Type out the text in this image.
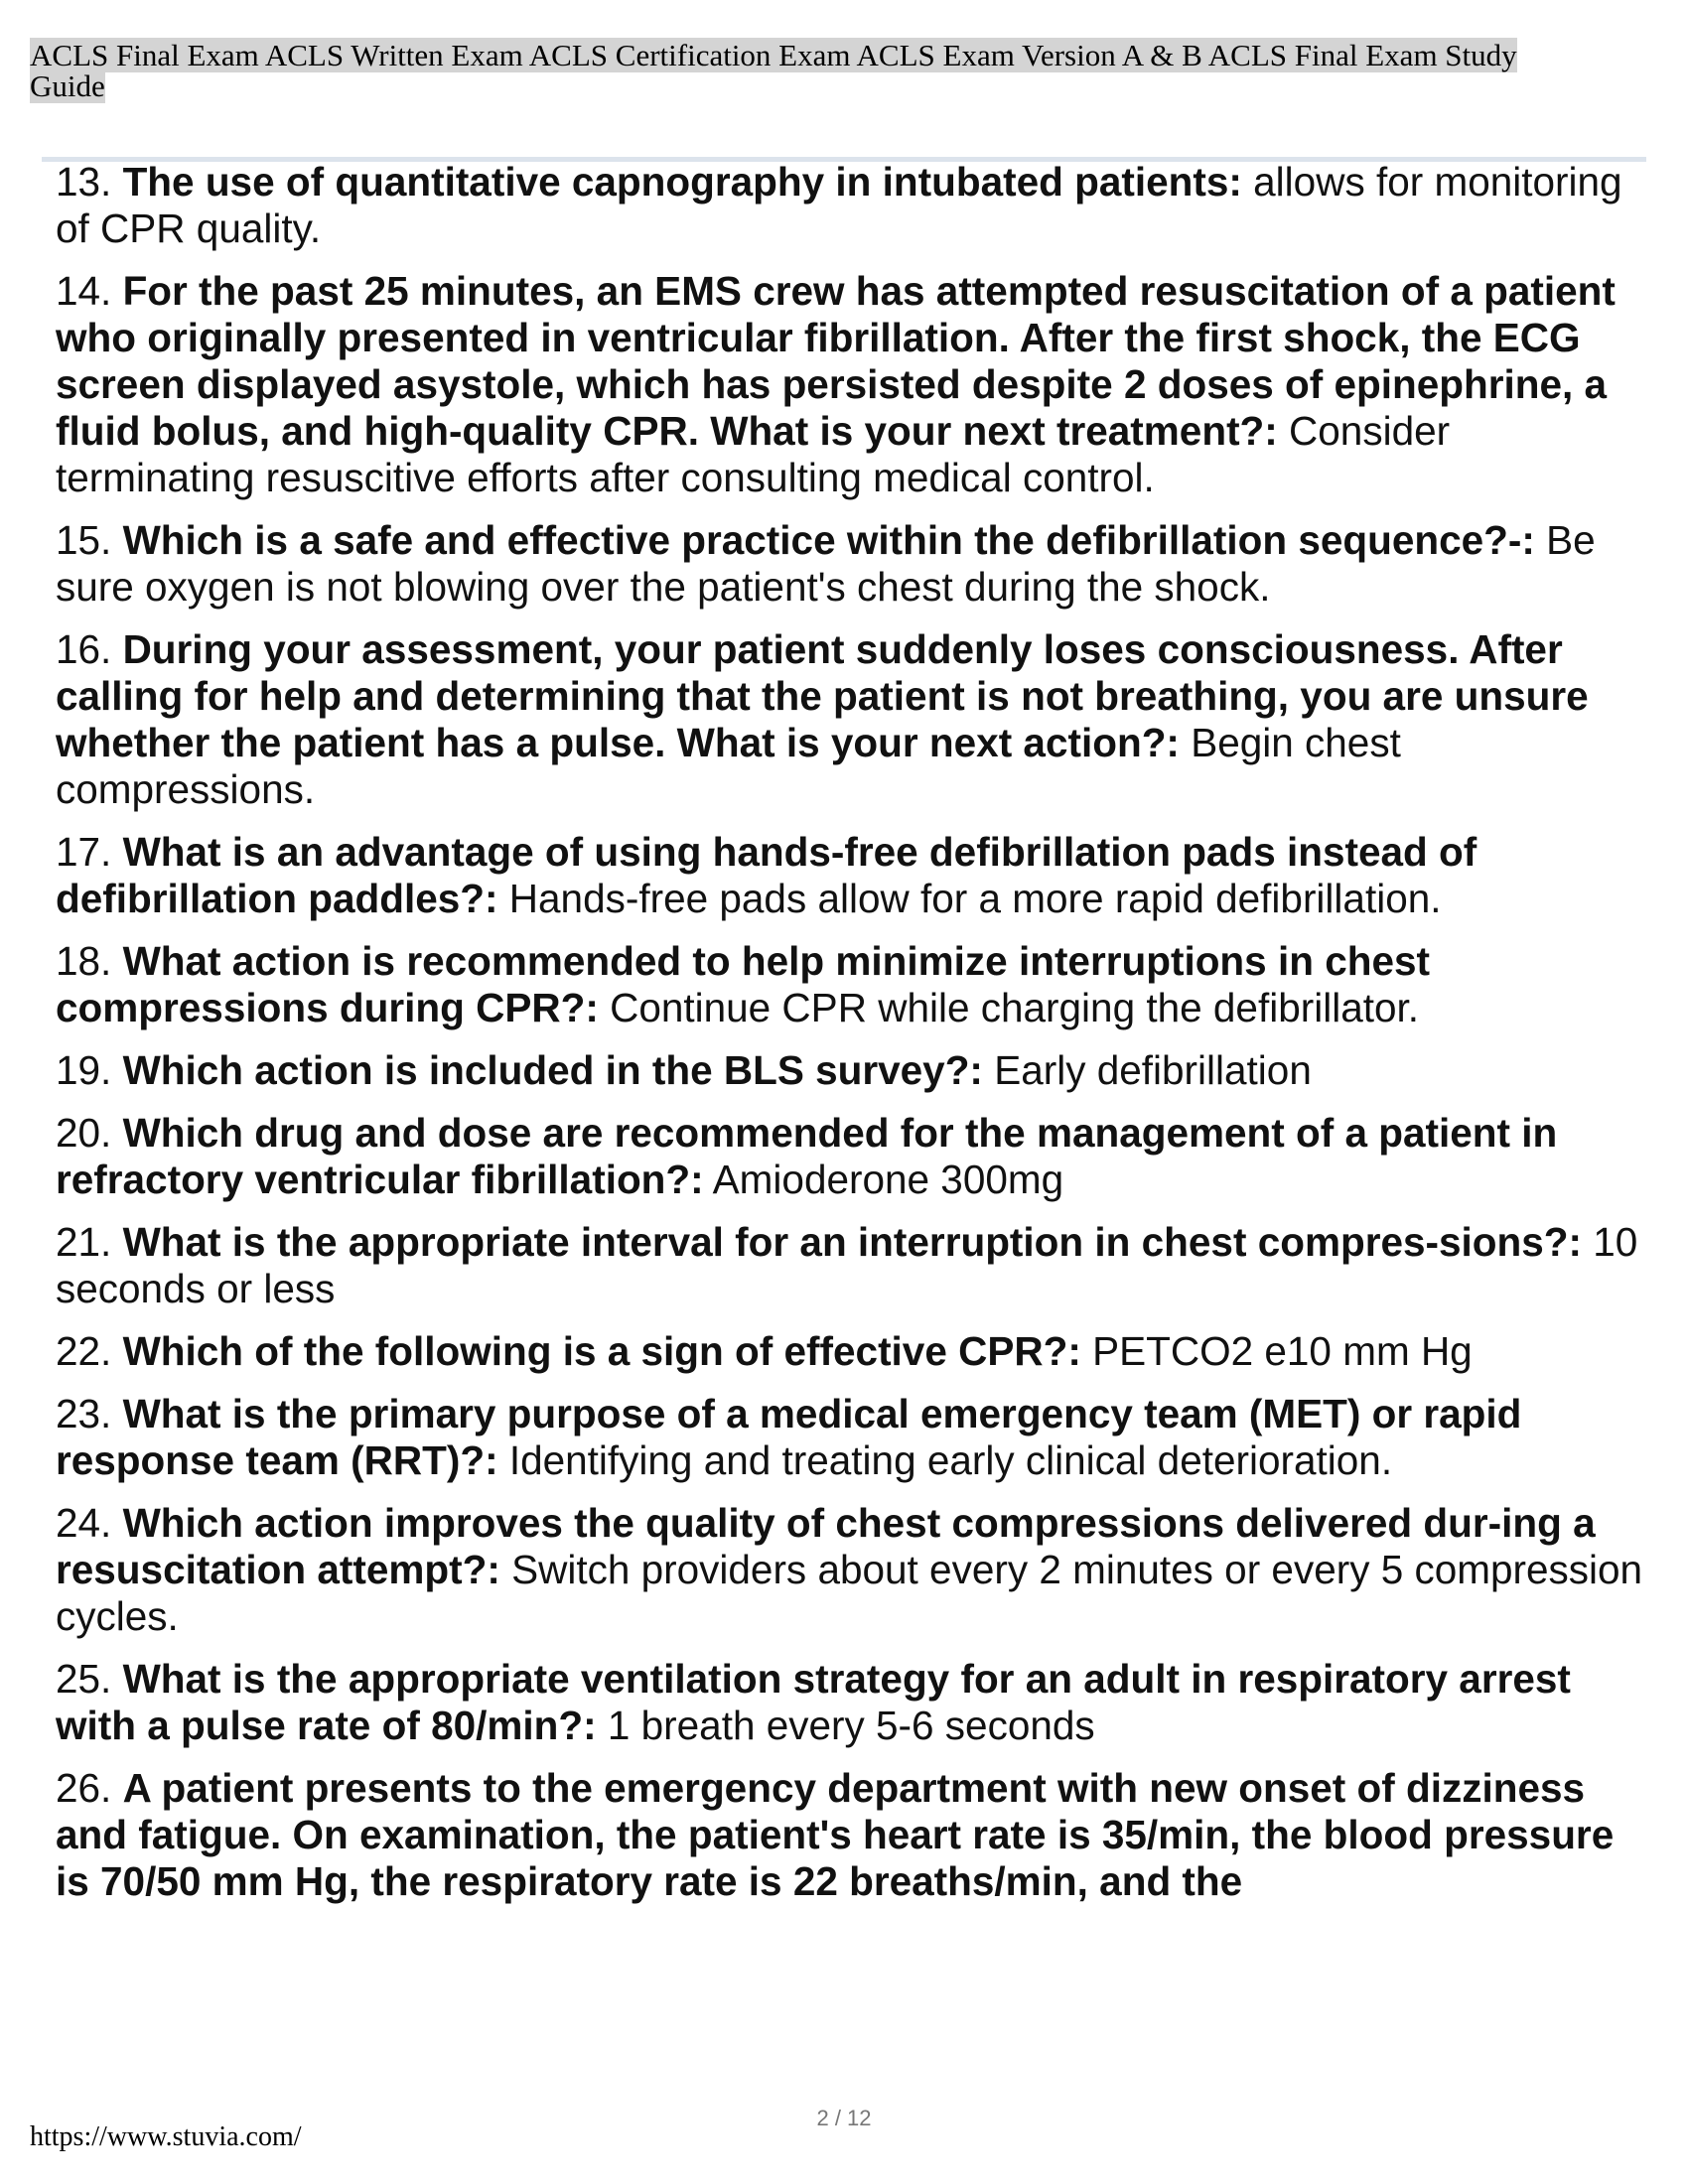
ACLS Final Exam ACLS Written Exam ACLS Certification Exam ACLS Exam Version A & B ACLS Final Exam Study Guide

13. The use of quantitative capnography in intubated patients: allows for monitoring of CPR quality.

14. For the past 25 minutes, an EMS crew has attempted resuscitation of a patient who originally presented in ventricular fibrillation. After the first shock, the ECG screen displayed asystole, which has persisted despite 2 doses of epinephrine, a fluid bolus, and high-quality CPR. What is your next treatment?: Consider terminating resuscitive efforts after consulting medical control.

15. Which is a safe and effective practice within the defibrillation sequence?-: Be sure oxygen is not blowing over the patient's chest during the shock.

16. During your assessment, your patient suddenly loses consciousness. After calling for help and determining that the patient is not breathing, you are unsure whether the patient has a pulse. What is your next action?: Begin chest compressions.

17. What is an advantage of using hands-free defibrillation pads instead of defibrillation paddles?: Hands-free pads allow for a more rapid defibrillation.

18. What action is recommended to help minimize interruptions in chest compressions during CPR?: Continue CPR while charging the defibrillator.

19. Which action is included in the BLS survey?: Early defibrillation

20. Which drug and dose are recommended for the management of a patient in refractory ventricular fibrillation?: Amioderone 300mg

21. What is the appropriate interval for an interruption in chest compres-sions?: 10 seconds or less

22. Which of the following is a sign of effective CPR?: PETCO2 e10 mm Hg

23. What is the primary purpose of a medical emergency team (MET) or rapid response team (RRT)?: Identifying and treating early clinical deterioration.

24. Which action improves the quality of chest compressions delivered dur-ing a resuscitation attempt?: Switch providers about every 2 minutes or every 5 compression cycles.

25. What is the appropriate ventilation strategy for an adult in respiratory arrest with a pulse rate of 80/min?: 1 breath every 5-6 seconds

26. A patient presents to the emergency department with new onset of dizziness and fatigue. On examination, the patient's heart rate is 35/min, the blood pressure is 70/50 mm Hg, the respiratory rate is 22 breaths/min, and the

https://www.stuvia.com/
2 / 12
